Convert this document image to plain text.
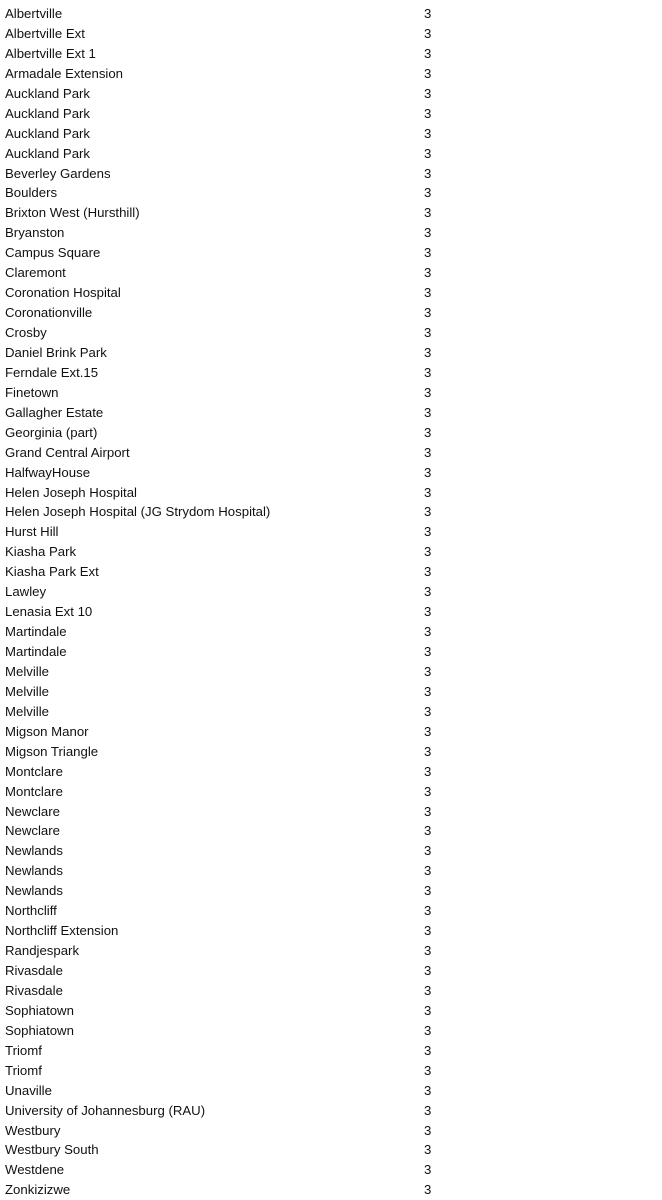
Albertville	3
Albertville Ext	3
Albertville Ext 1	3
Armadale Extension	3
Auckland Park	3
Auckland Park	3
Auckland Park	3
Auckland Park	3
Beverley Gardens	3
Boulders	3
Brixton West (Hursthill)	3
Bryanston	3
Campus Square	3
Claremont	3
Coronation Hospital	3
Coronationville	3
Crosby	3
Daniel Brink Park	3
Ferndale Ext.15	3
Finetown	3
Gallagher Estate	3
Georginia (part)	3
Grand Central Airport	3
HalfwayHouse	3
Helen Joseph Hospital	3
Helen Joseph Hospital (JG Strydom Hospital)	3
Hurst Hill	3
Kiasha Park	3
Kiasha Park Ext	3
Lawley	3
Lenasia Ext 10	3
Martindale	3
Martindale	3
Melville	3
Melville	3
Melville	3
Migson Manor	3
Migson Triangle	3
Montclare	3
Montclare	3
Newclare	3
Newclare	3
Newlands	3
Newlands	3
Newlands	3
Northcliff	3
Northcliff Extension	3
Randjespark	3
Rivasdale	3
Rivasdale	3
Sophiatown	3
Sophiatown	3
Triomf	3
Triomf	3
Unaville	3
University of Johannesburg (RAU)	3
Westbury	3
Westbury South	3
Westdene	3
Zonkizizwe	3
